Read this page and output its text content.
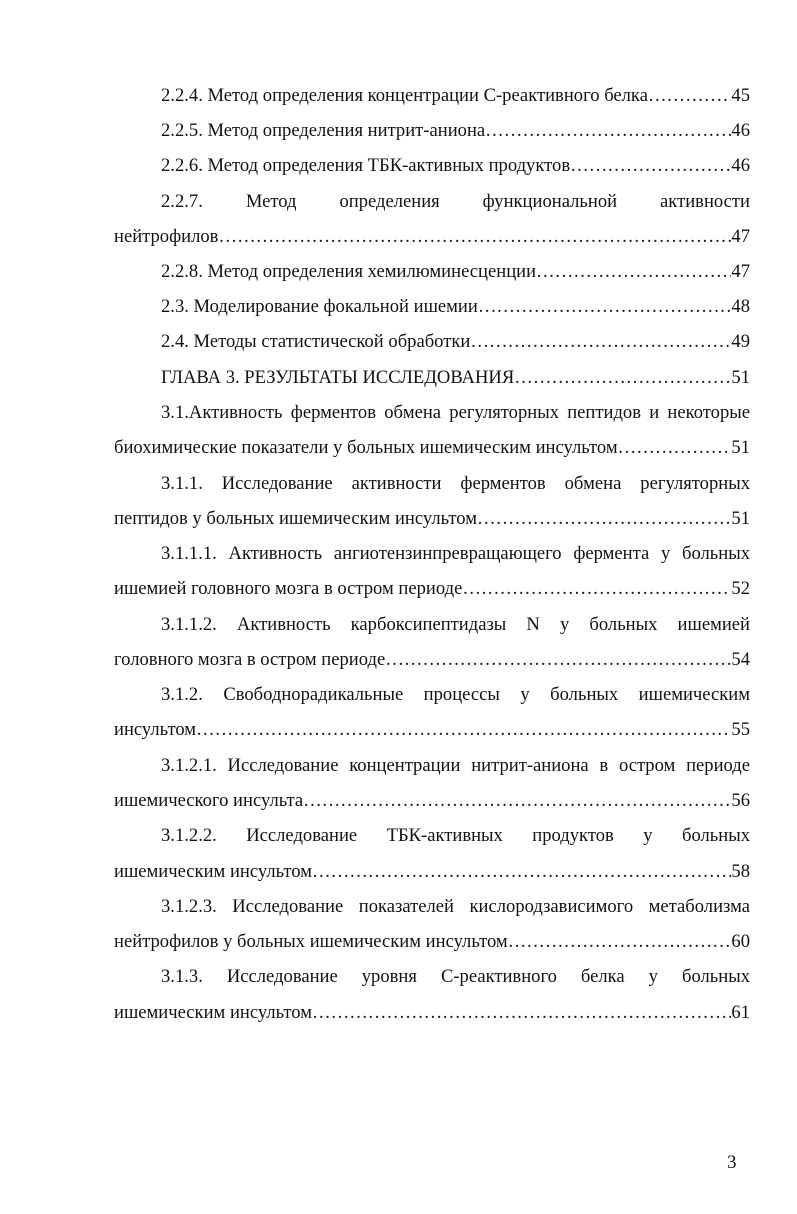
2.2.4. Метод определения концентрации С-реактивного белка …………………………………………………………………………………………………………………………………………………………………………	45
2.2.5. Метод определения нитрит-аниона …………………………………………………………………………………………………………………………………………………………………………	46
2.2.6. Метод определения ТБК-активных продуктов …………………………………………………………………………………………………………………………………………………………………………	46
2.2.7. Метод определения функциональной активности
нейтрофилов …………………………………………………………………………………………………………………………………………………………………………	47
2.2.8. Метод определения хемилюминесценции …………………………………………………………………………………………………………………………………………………………………………	47
2.3. Моделирование фокальной ишемии …………………………………………………………………………………………………………………………………………………………………………	48
2.4. Методы статистической обработки …………………………………………………………………………………………………………………………………………………………………………	49
ГЛАВА 3. РЕЗУЛЬТАТЫ ИССЛЕДОВАНИЯ …………………………………………………………………………………………………………………………………………………………………………	51
3.1.Активность ферментов обмена регуляторных пептидов и некоторые
биохимические показатели у больных ишемическим инсультом …………………………………………………………………………………………………………………………………………………………………………	51
3.1.1. Исследование активности ферментов обмена регуляторных
пептидов у больных ишемическим инсультом …………………………………………………………………………………………………………………………………………………………………………	51
3.1.1.1. Активность ангиотензинпревращающего фермента у больных
ишемией головного мозга в остром периоде …………………………………………………………………………………………………………………………………………………………………………	52
3.1.1.2. Активность карбоксипептидазы N у больных ишемией
головного мозга в остром периоде …………………………………………………………………………………………………………………………………………………………………………	54
3.1.2. Свободнорадикальные процессы у больных ишемическим
инсультом …………………………………………………………………………………………………………………………………………………………………………	55
3.1.2.1. Исследование концентрации нитрит-аниона в остром периоде
ишемического инсульта …………………………………………………………………………………………………………………………………………………………………………	56
3.1.2.2. Исследование ТБК-активных продуктов у больных
ишемическим инсультом …………………………………………………………………………………………………………………………………………………………………………	58
3.1.2.3. Исследование показателей кислородзависимого метаболизма
нейтрофилов у больных ишемическим инсультом …………………………………………………………………………………………………………………………………………………………………………	60
3.1.3. Исследование уровня С-реактивного белка у больных
ишемическим инсультом …………………………………………………………………………………………………………………………………………………………………………	61
3
